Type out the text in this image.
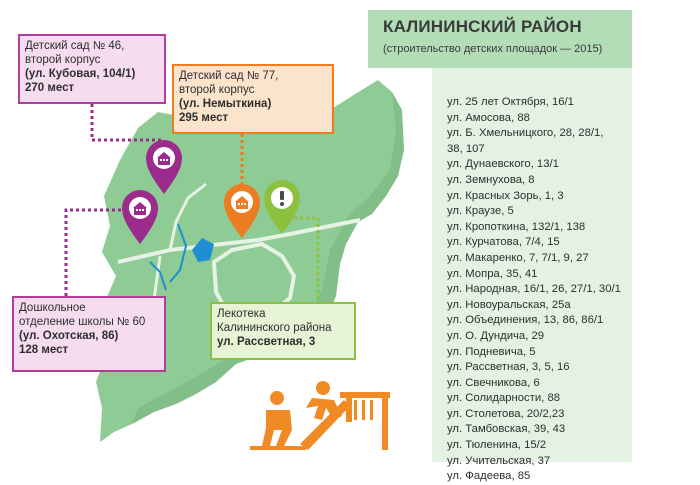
КАЛИНИНСКИЙ РАЙОН
(строительство детских площадок — 2015)
ул. 25 лет Октября, 16/1
ул. Амосова, 88
ул. Б. Хмельницкого, 28, 28/1,
38, 107
ул. Дунаевского, 13/1
ул. Земнухова, 8
ул. Красных Зорь, 1, 3
ул. Краузе, 5
ул. Кропоткина, 132/1, 138
ул. Курчатова, 7/4, 15
ул. Макаренко, 7, 7/1, 9, 27
ул. Мопра, 35, 41
ул. Народная, 16/1, 26, 27/1, 30/1
ул. Новоуральская, 25а
ул. Объединения, 13, 86, 86/1
ул. О. Дундича, 29
ул. Подневича, 5
ул. Рассветная, 3, 5, 16
ул. Свечникова, 6
ул. Солидарности, 88
ул. Столетова, 20/2,23
ул. Тамбовская, 39, 43
ул. Тюленина, 15/2
ул. Учительская, 37
ул. Фадеева, 85
Детский сад № 46,
второй корпус
(ул. Кубовая, 104/1)
270 мест
Детский сад № 77,
второй корпус
(ул. Немыткина)
295 мест
Дошкольное
отделение школы № 60
(ул. Охотская, 86)
128 мест
Лекотека
Калининского района
ул. Рассветная, 3
